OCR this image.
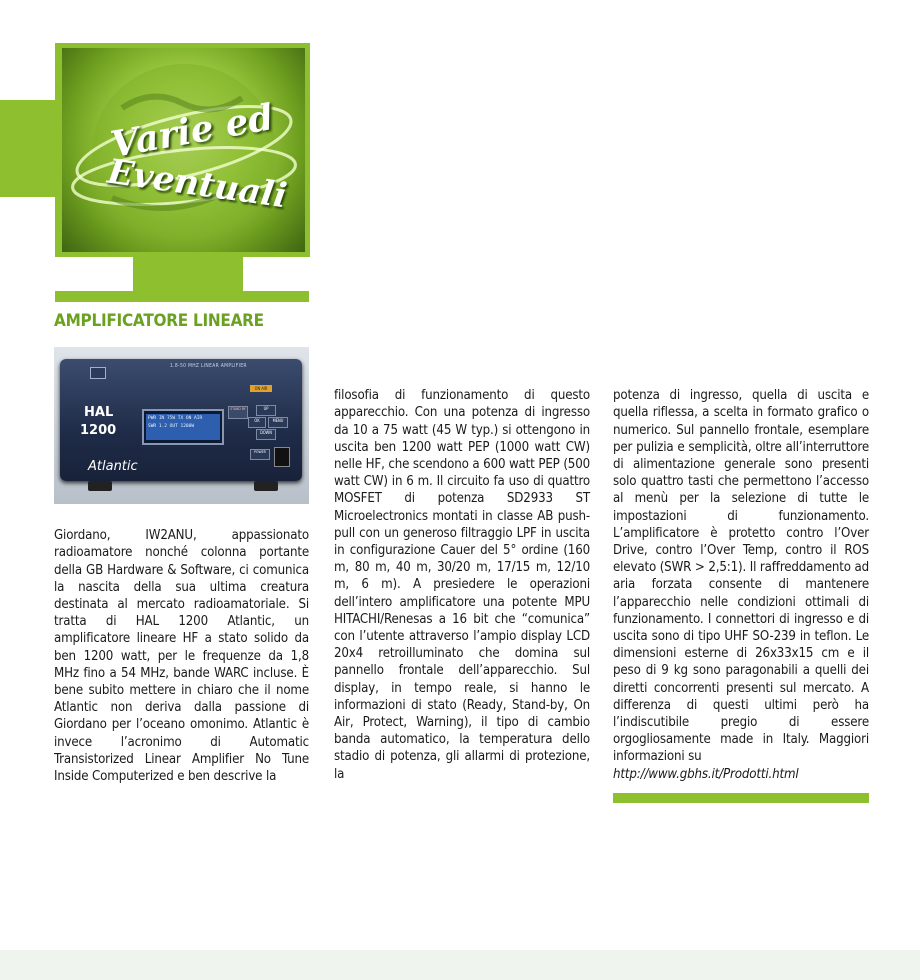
Varie ed
Eventuali
AMPLIFICATORE LINEARE
1.8-50 MHZ LINEAR AMPLIFIER
HAL
1200
Atlantic
PWR IN 75W TX ON AIR
SWR 1.2 OUT 1200W
ON AIR
STAND BY	UP
OK	MENU
DOWN
POWER

Giordano, IW2ANU, appassionato radioamatore nonché colonna portante della GB Hardware & Software, ci comunica la nascita della sua ultima creatura destinata al mercato radioamatoriale. Si tratta di HAL 1200 Atlantic, un amplificatore lineare HF a stato solido da ben 1200 watt, per le frequenze da 1,8 MHz fino a 54 MHz, bande WARC incluse. È bene subito mettere in chiaro che il nome Atlantic non deriva dalla passione di Giordano per l’oceano omonimo. Atlantic è invece l’acronimo di Automatic Transistorized Linear Amplifier No Tune Inside Computerized e ben descrive la

filosofia di funzionamento di questo apparecchio. Con una potenza di ingresso da 10 a 75 watt (45 W typ.) si ottengono in uscita ben 1200 watt PEP (1000 watt CW) nelle HF, che scendono a 600 watt PEP (500 watt CW) in 6 m. Il circuito fa uso di quattro MOSFET di potenza SD2933 ST Microelectronics montati in classe AB push-pull con un generoso filtraggio LPF in uscita in configurazione Cauer del 5° ordine (160 m, 80 m, 40 m, 30/20 m, 17/15 m, 12/10 m, 6 m). A presiedere le operazioni dell’intero amplificatore una potente MPU HITACHI/Renesas a 16 bit che “comunica” con l’utente attraverso l’ampio display LCD 20x4 retroilluminato che domina sul pannello frontale dell’apparecchio. Sul display, in tempo reale, si hanno le informazioni di stato (Ready, Stand-by, On Air, Protect, Warning), il tipo di cambio banda automatico, la temperatura dello stadio di potenza, gli allarmi di protezione, la

potenza di ingresso, quella di uscita e quella riflessa, a scelta in formato grafico o numerico. Sul pannello frontale, esemplare per pulizia e semplicità, oltre all’interruttore di alimentazione generale sono presenti solo quattro tasti che permettono l’accesso al menù per la selezione di tutte le impostazioni di funzionamento. L’amplificatore è protetto contro l’Over Drive, contro l’Over Temp, contro il ROS elevato (SWR > 2,5:1). Il raffreddamento ad aria forzata consente di mantenere l’apparecchio nelle condizioni ottimali di funzionamento. I connettori di ingresso e di uscita sono di tipo UHF SO-239 in teflon. Le dimensioni esterne di 26x33x15 cm e il peso di 9 kg sono paragonabili a quelli dei diretti concorrenti presenti sul mercato. A differenza di questi ultimi però ha l’indiscutibile pregio di essere orgogliosamente made in Italy. Maggiori informazioni su
http://www.gbhs.it/Prodotti.html
